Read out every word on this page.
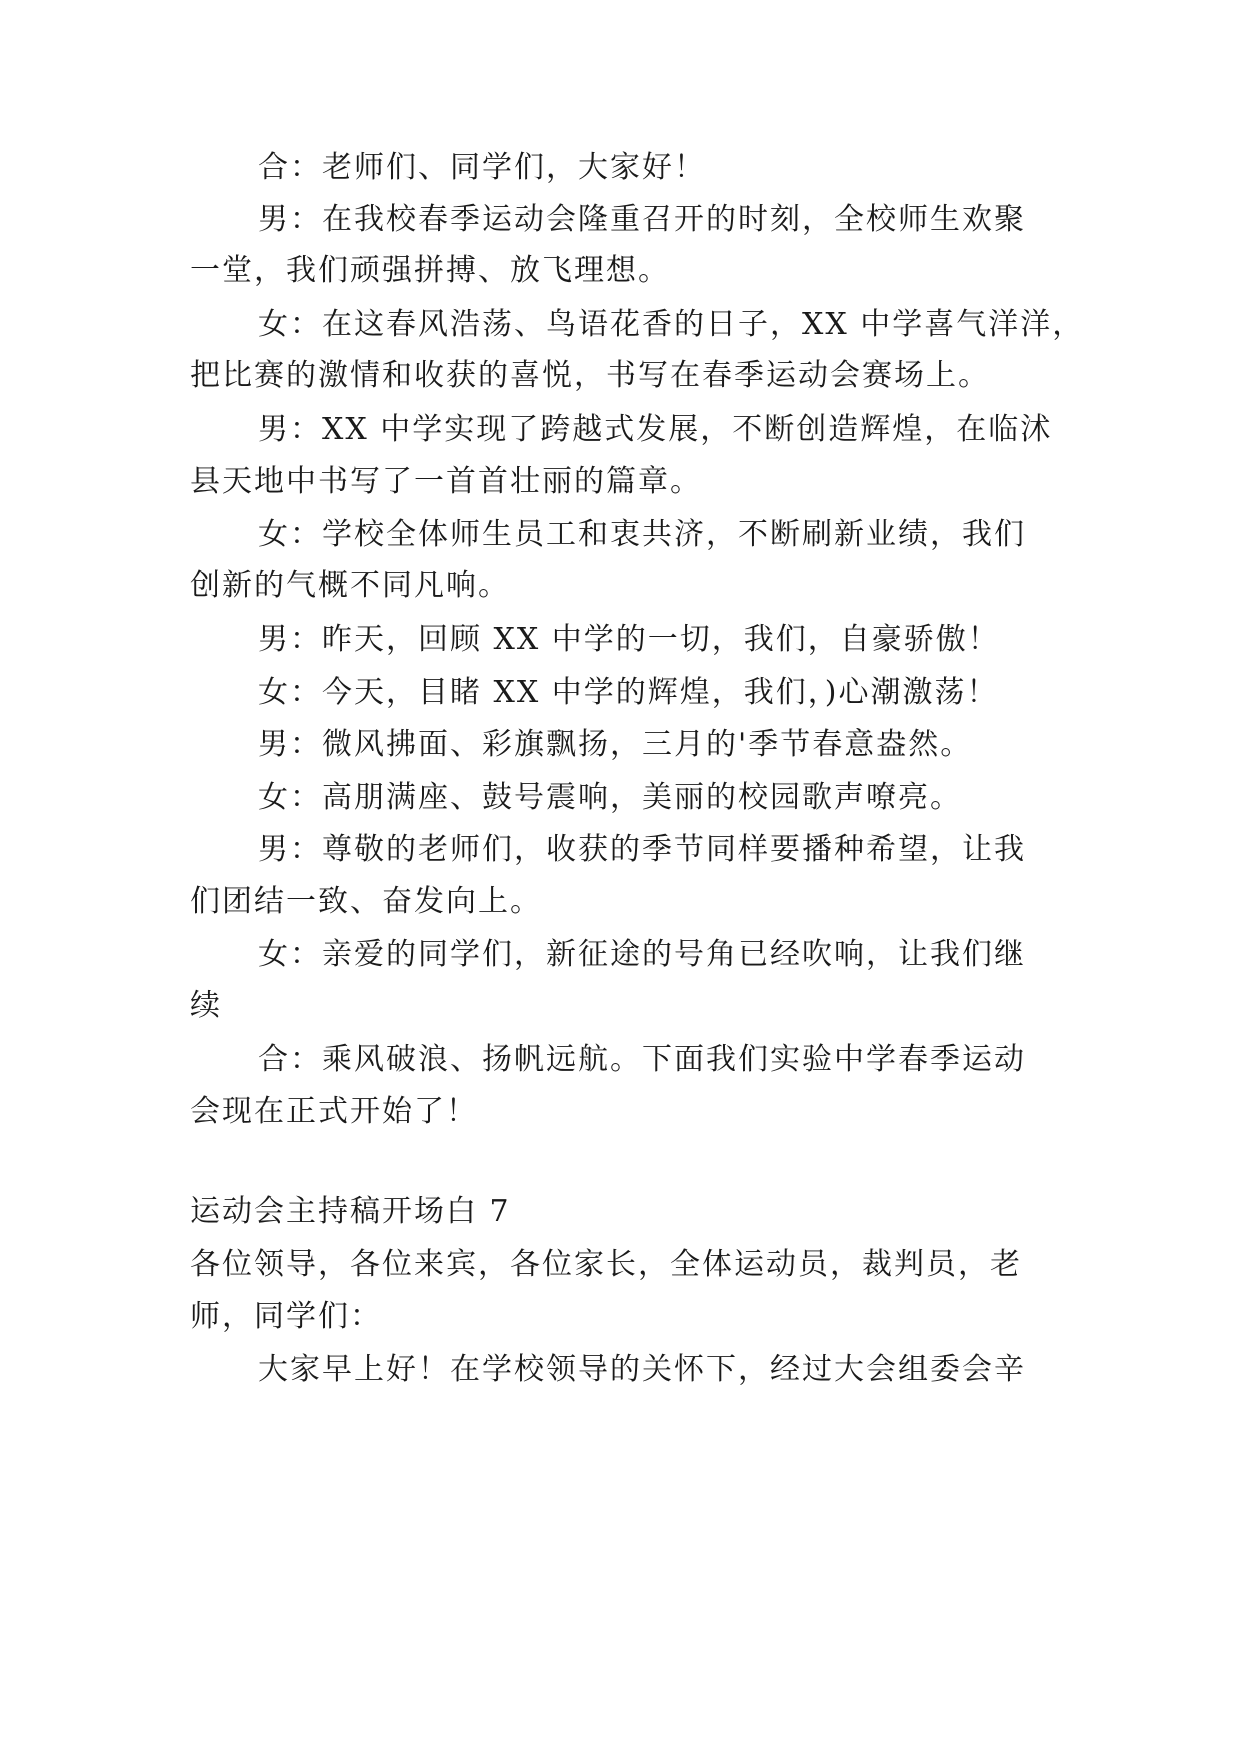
合：老师们、同学们，大家好！
男：在我校春季运动会隆重召开的时刻，全校师生欢聚
一堂，我们顽强拼搏、放飞理想。
女：在这春风浩荡、鸟语花香的日子，XX 中学喜气洋洋，
把比赛的激情和收获的喜悦，书写在春季运动会赛场上。
男：XX 中学实现了跨越式发展，不断创造辉煌，在临沭
县天地中书写了一首首壮丽的篇章。
女：学校全体师生员工和衷共济，不断刷新业绩，我们
创新的气概不同凡响。
男：昨天，回顾 XX 中学的一切，我们，自豪骄傲！
女：今天，目睹 XX 中学的辉煌，我们，)心潮激荡！
男：微风拂面、彩旗飘扬，三月的'季节春意盎然。
女：高朋满座、鼓号震响，美丽的校园歌声嘹亮。
男：尊敬的老师们，收获的季节同样要播种希望，让我
们团结一致、奋发向上。
女：亲爱的同学们，新征途的号角已经吹响，让我们继
续
合：乘风破浪、扬帆远航。下面我们实验中学春季运动
会现在正式开始了！
运动会主持稿开场白 7
各位领导，各位来宾，各位家长，全体运动员，裁判员，老
师，同学们：
大家早上好！在学校领导的关怀下，经过大会组委会辛
